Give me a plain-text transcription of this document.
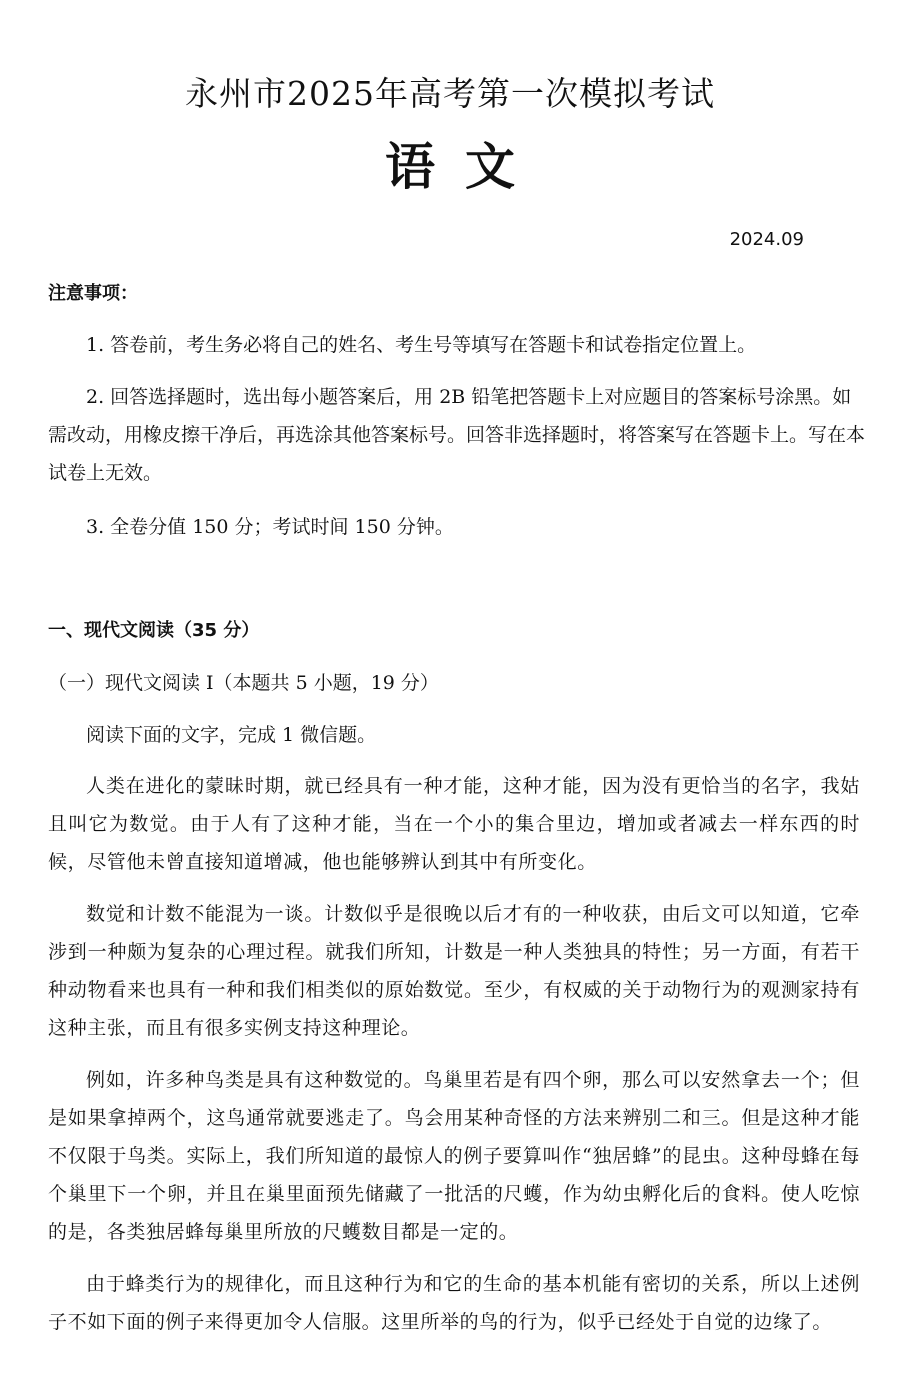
永州市2025年高考第一次模拟考试
语文
2024.09
注意事项：
1. 答卷前，考生务必将自己的姓名、考生号等填写在答题卡和试卷指定位置上。
2. 回答选择题时，选出每小题答案后，用 2B 铅笔把答题卡上对应题目的答案标号涂黑。如需改动，用橡皮擦干净后，再选涂其他答案标号。回答非选择题时，将答案写在答题卡上。写在本试卷上无效。
3. 全卷分值 150 分；考试时间 150 分钟。
一、现代文阅读（35 分）
（一）现代文阅读 I（本题共 5 小题，19 分）
阅读下面的文字，完成 1 微信题。
人类在进化的蒙昧时期，就已经具有一种才能，这种才能，因为没有更恰当的名字，我姑且叫它为数觉。由于人有了这种才能，当在一个小的集合里边，增加或者减去一样东西的时候，尽管他未曾直接知道增减，他也能够辨认到其中有所变化。
数觉和计数不能混为一谈。计数似乎是很晚以后才有的一种收获，由后文可以知道，它牵涉到一种颇为复杂的心理过程。就我们所知，计数是一种人类独具的特性；另一方面，有若干种动物看来也具有一种和我们相类似的原始数觉。至少，有权威的关于动物行为的观测家持有这种主张，而且有很多实例支持这种理论。
例如，许多种鸟类是具有这种数觉的。鸟巢里若是有四个卵，那么可以安然拿去一个；但是如果拿掉两个，这鸟通常就要逃走了。鸟会用某种奇怪的方法来辨别二和三。但是这种才能不仅限于鸟类。实际上，我们所知道的最惊人的例子要算叫作“独居蜂”的昆虫。这种母蜂在每个巢里下一个卵，并且在巢里面预先储藏了一批活的尺蠖，作为幼虫孵化后的食料。使人吃惊的是，各类独居蜂每巢里所放的尺蠖数目都是一定的。
由于蜂类行为的规律化，而且这种行为和它的生命的基本机能有密切的关系，所以上述例子不如下面的例子来得更加令人信服。这里所举的鸟的行为，似乎已经处于自觉的边缘了。
